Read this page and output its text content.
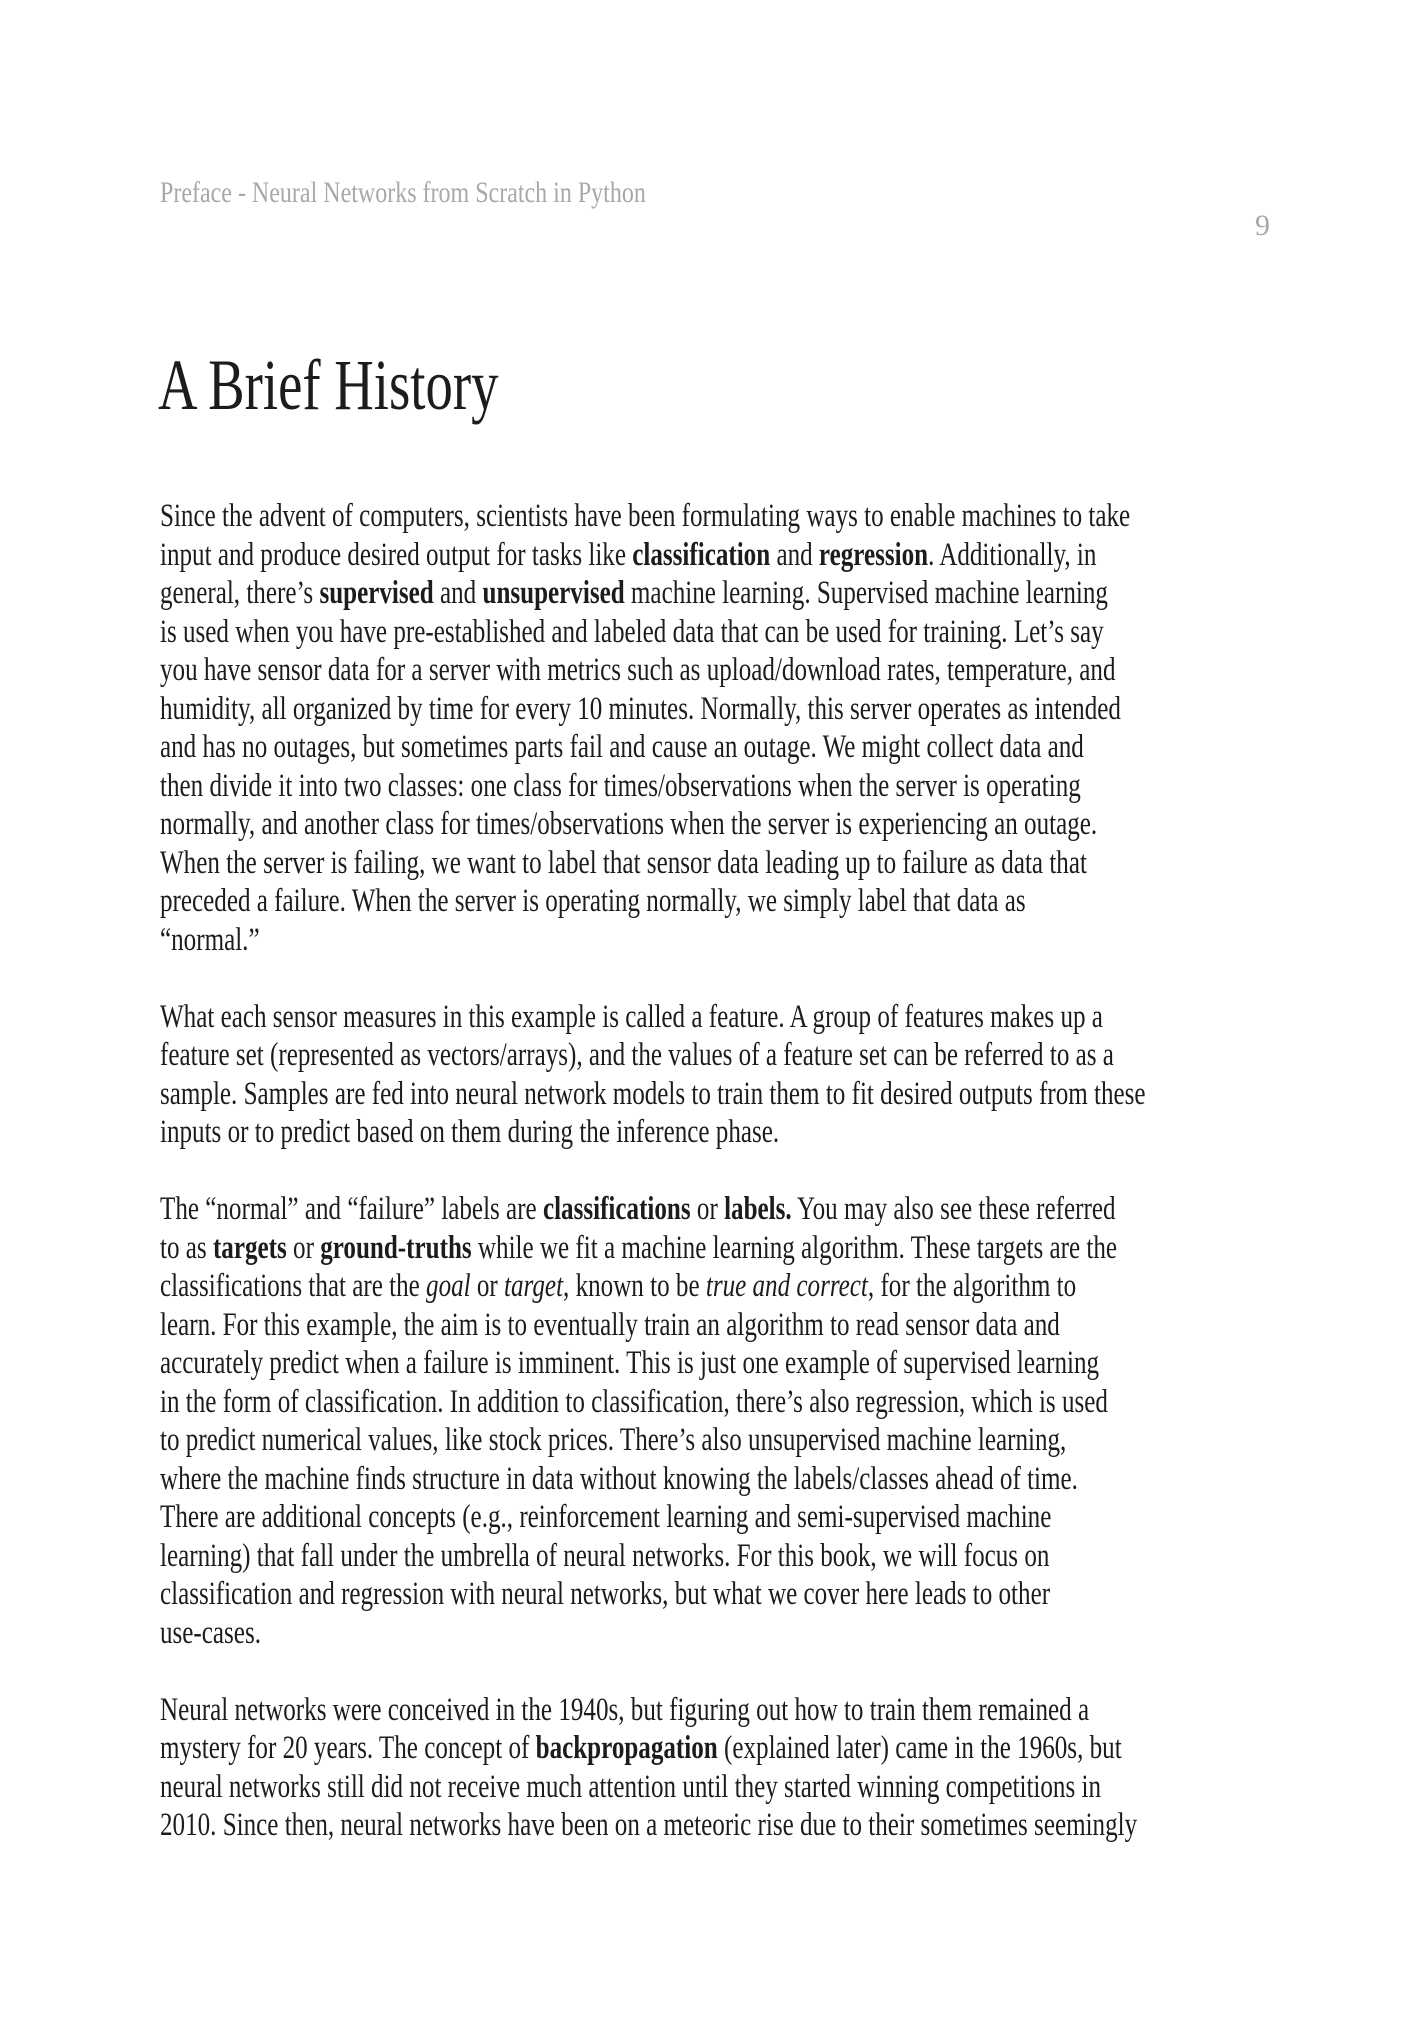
Preface - Neural Networks from Scratch in Python
9
A Brief History

Since the advent of computers, scientists have been formulating ways to enable machines to take
input and produce desired output for tasks like classification and regression. Additionally, in
general, there’s supervised and unsupervised machine learning. Supervised machine learning
is used when you have pre-established and labeled data that can be used for training. Let’s say
you have sensor data for a server with metrics such as upload/download rates, temperature, and
humidity, all organized by time for every 10 minutes. Normally, this server operates as intended
and has no outages, but sometimes parts fail and cause an outage. We might collect data and
then divide it into two classes: one class for times/observations when the server is operating
normally, and another class for times/observations when the server is experiencing an outage.
When the server is failing, we want to label that sensor data leading up to failure as data that
preceded a failure. When the server is operating normally, we simply label that data as
“normal.”

What each sensor measures in this example is called a feature. A group of features makes up a
feature set (represented as vectors/arrays), and the values of a feature set can be referred to as a
sample. Samples are fed into neural network models to train them to fit desired outputs from these
inputs or to predict based on them during the inference phase.

The “normal” and “failure” labels are classifications or labels. You may also see these referred
to as targets or ground-truths while we fit a machine learning algorithm. These targets are the
classifications that are the goal or target, known to be true and correct, for the algorithm to
learn. For this example, the aim is to eventually train an algorithm to read sensor data and
accurately predict when a failure is imminent. This is just one example of supervised learning
in the form of classification. In addition to classification, there’s also regression, which is used
to predict numerical values, like stock prices. There’s also unsupervised machine learning,
where the machine finds structure in data without knowing the labels/classes ahead of time.
There are additional concepts (e.g., reinforcement learning and semi-supervised machine
learning) that fall under the umbrella of neural networks. For this book, we will focus on
classification and regression with neural networks, but what we cover here leads to other
use-cases.

Neural networks were conceived in the 1940s, but figuring out how to train them remained a
mystery for 20 years. The concept of backpropagation (explained later) came in the 1960s, but
neural networks still did not receive much attention until they started winning competitions in
2010. Since then, neural networks have been on a meteoric rise due to their sometimes seemingly
